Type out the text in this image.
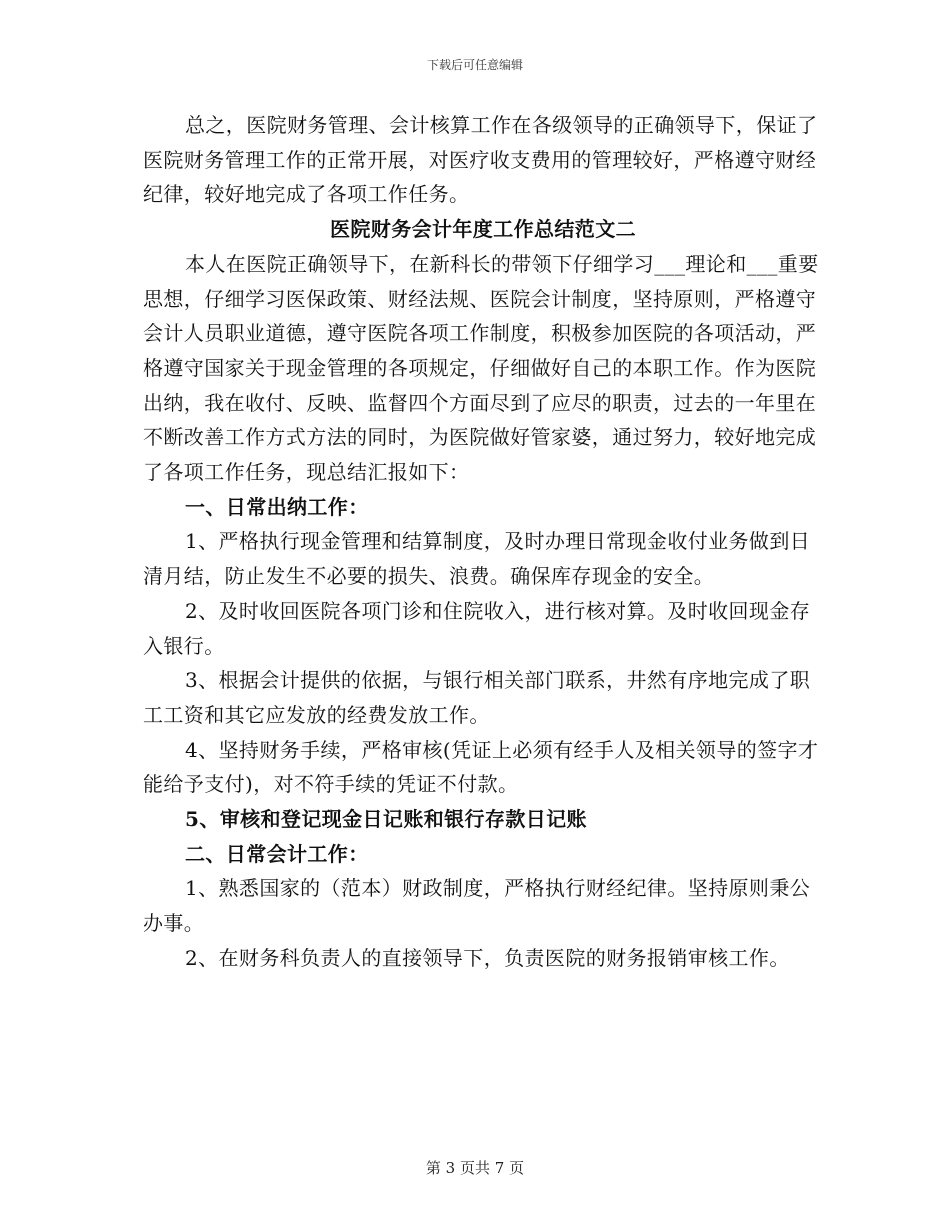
下载后可任意编辑

总之，医院财务管理、会计核算工作在各级领导的正确领导下，保证了医院财务管理工作的正常开展，对医疗收支费用的管理较好，严格遵守财经纪律，较好地完成了各项工作任务。

医院财务会计年度工作总结范文二

本人在医院正确领导下，在新科长的带领下仔细学习___理论和___重要思想，仔细学习医保政策、财经法规、医院会计制度，坚持原则，严格遵守会计人员职业道德，遵守医院各项工作制度，积极参加医院的各项活动，严格遵守国家关于现金管理的各项规定，仔细做好自己的本职工作。作为医院出纳，我在收付、反映、监督四个方面尽到了应尽的职责，过去的一年里在不断改善工作方式方法的同时，为医院做好管家婆，通过努力，较好地完成了各项工作任务，现总结汇报如下：

一、日常出纳工作：

1、严格执行现金管理和结算制度，及时办理日常现金收付业务做到日清月结，防止发生不必要的损失、浪费。确保库存现金的安全。

2、及时收回医院各项门诊和住院收入，进行核对算。及时收回现金存入银行。

3、根据会计提供的依据，与银行相关部门联系，井然有序地完成了职工工资和其它应发放的经费发放工作。

4、坚持财务手续，严格审核(凭证上必须有经手人及相关领导的签字才能给予支付)，对不符手续的凭证不付款。

5、审核和登记现金日记账和银行存款日记账

二、日常会计工作：

1、熟悉国家的（范本）财政制度，严格执行财经纪律。坚持原则秉公办事。

2、在财务科负责人的直接领导下，负责医院的财务报销审核工作。

第 3 页共 7 页
